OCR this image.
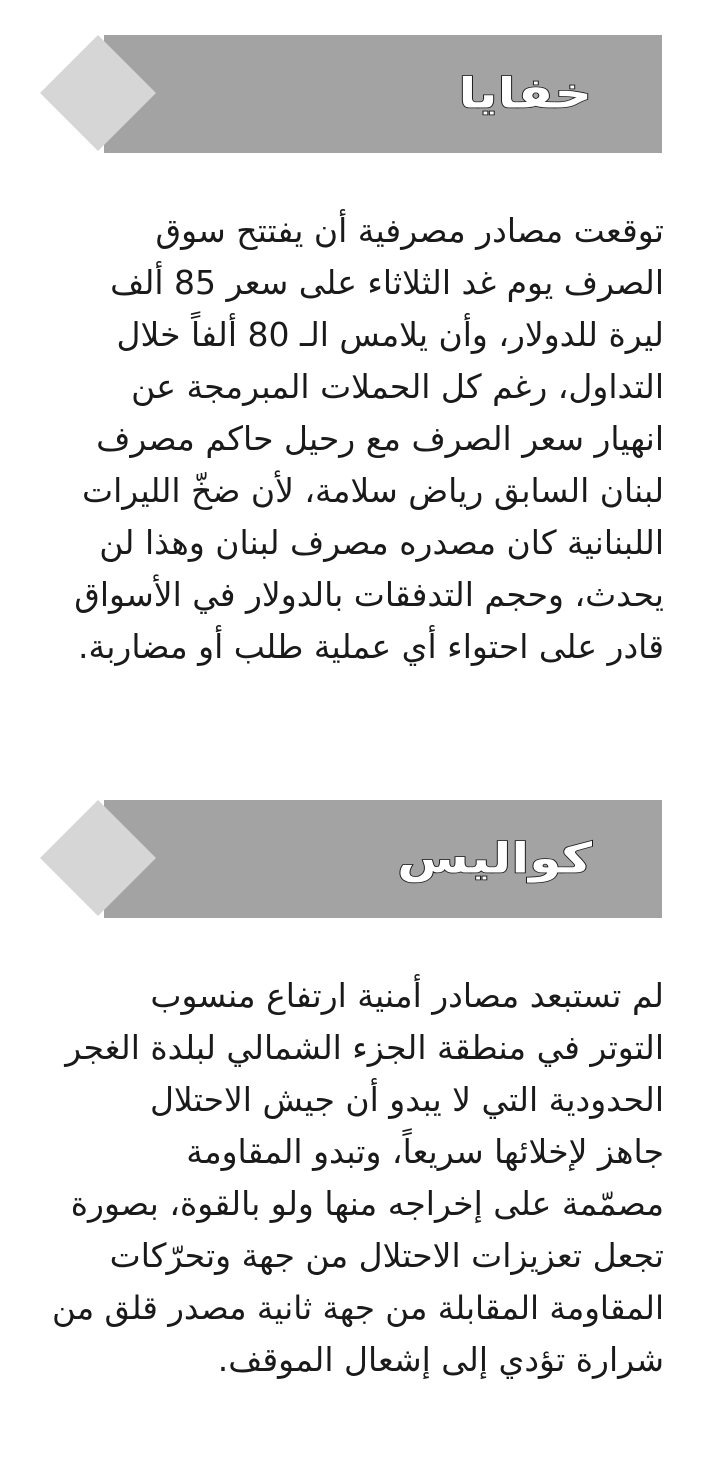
خفايا
توقعت مصادر مصرفية أن يفتتح سوق
الصرف يوم غد الثلاثاء على سعر 85 ألف
ليرة للدولار، وأن يلامس الـ 80 ألفاً خلال
التداول، رغم كل الحملات المبرمجة عن
انهيار سعر الصرف مع رحيل حاكم مصرف
لبنان السابق رياض سلامة، لأن ضخّ الليرات
اللبنانية كان مصدره مصرف لبنان وهذا لن
يحدث، وحجم التدفقات بالدولار في الأسواق
قادر على احتواء أي عملية طلب أو مضاربة.
كواليس
لم تستبعد مصادر أمنية ارتفاع منسوب
التوتر في منطقة الجزء الشمالي لبلدة الغجر
الحدودية التي لا يبدو أن جيش الاحتلال
جاهز لإخلائها سريعاً، وتبدو المقاومة
مصمّمة على إخراجه منها ولو بالقوة، بصورة
تجعل تعزيزات الاحتلال من جهة وتحرّكات
المقاومة المقابلة من جهة ثانية مصدر قلق من
شرارة تؤدي إلى إشعال الموقف.
